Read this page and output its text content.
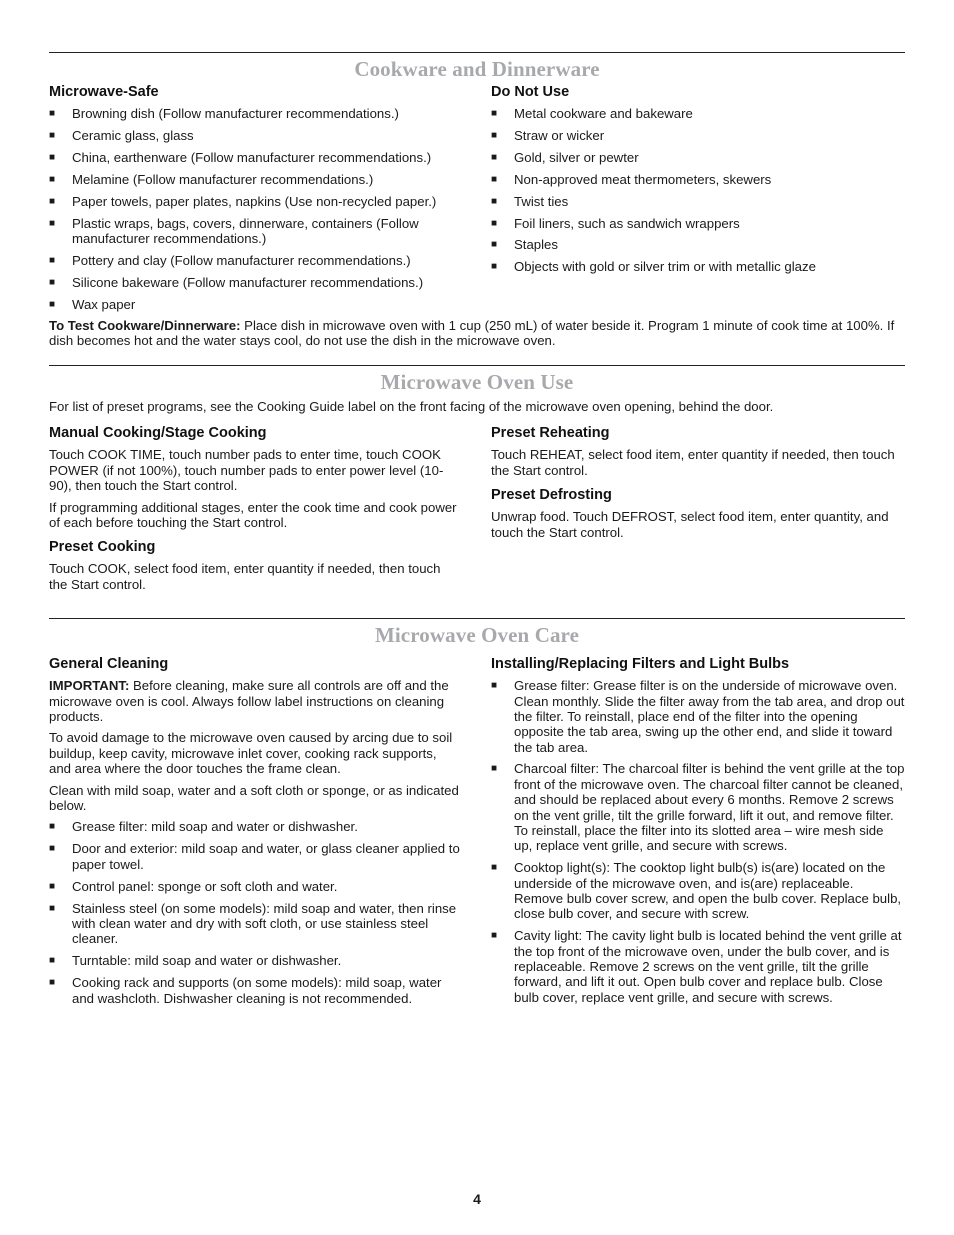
Cookware and Dinnerware
Microwave-Safe
■	Browning dish (Follow manufacturer recommendations.)
■	Ceramic glass, glass
■	China, earthenware (Follow manufacturer recommendations.)
■	Melamine (Follow manufacturer recommendations.)
■	Paper towels, paper plates, napkins (Use non-recycled paper.)
■	Plastic wraps, bags, covers, dinnerware, containers (Follow manufacturer recommendations.)
■	Pottery and clay (Follow manufacturer recommendations.)
■	Silicone bakeware (Follow manufacturer recommendations.)
■	Wax paper
Do Not Use
■	Metal cookware and bakeware
■	Straw or wicker
■	Gold, silver or pewter
■	Non-approved meat thermometers, skewers
■	Twist ties
■	Foil liners, such as sandwich wrappers
■	Staples
■	Objects with gold or silver trim or with metallic glaze

To Test Cookware/Dinnerware: Place dish in microwave oven with 1 cup (250 mL) of water beside it. Program 1 minute of cook time at 100%. If dish becomes hot and the water stays cool, do not use the dish in the microwave oven.

Microwave Oven Use

For list of preset programs, see the Cooking Guide label on the front facing of the microwave oven opening, behind the door.

Manual Cooking/Stage Cooking

Touch COOK TIME, touch number pads to enter time, touch COOK POWER (if not 100%), touch number pads to enter power level (10-90), then touch the Start control.

If programming additional stages, enter the cook time and cook power of each before touching the Start control.

Preset Cooking

Touch COOK, select food item, enter quantity if needed, then touch the Start control.

Preset Reheating

Touch REHEAT, select food item, enter quantity if needed, then touch the Start control.

Preset Defrosting

Unwrap food. Touch DEFROST, select food item, enter quantity, and touch the Start control.

Microwave Oven Care
General Cleaning

IMPORTANT: Before cleaning, make sure all controls are off and the microwave oven is cool. Always follow label instructions on cleaning products.

To avoid damage to the microwave oven caused by arcing due to soil buildup, keep cavity, microwave inlet cover, cooking rack supports, and area where the door touches the frame clean.

Clean with mild soap, water and a soft cloth or sponge, or as indicated below.

■	Grease filter: mild soap and water or dishwasher.
■	Door and exterior: mild soap and water, or glass cleaner applied to paper towel.
■	Control panel: sponge or soft cloth and water.
■	Stainless steel (on some models): mild soap and water, then rinse with clean water and dry with soft cloth, or use stainless steel cleaner.
■	Turntable: mild soap and water or dishwasher.
■	Cooking rack and supports (on some models): mild soap, water and washcloth. Dishwasher cleaning is not recommended.
Installing/Replacing Filters and Light Bulbs
■	Grease filter: Grease filter is on the underside of microwave oven. Clean monthly. Slide the filter away from the tab area, and drop out the filter. To reinstall, place end of the filter into the opening opposite the tab area, swing up the other end, and slide it toward the tab area.
■	Charcoal filter: The charcoal filter is behind the vent grille at the top front of the microwave oven. The charcoal filter cannot be cleaned, and should be replaced about every 6 months. Remove 2 screws on the vent grille, tilt the grille forward, lift it out, and remove filter. To reinstall, place the filter into its slotted area – wire mesh side up, replace vent grille, and secure with screws.
■	Cooktop light(s): The cooktop light bulb(s) is(are) located on the underside of the microwave oven, and is(are) replaceable. Remove bulb cover screw, and open the bulb cover. Replace bulb, close bulb cover, and secure with screw.
■	Cavity light: The cavity light bulb is located behind the vent grille at the top front of the microwave oven, under the bulb cover, and is replaceable. Remove 2 screws on the vent grille, tilt the grille forward, and lift it out. Open bulb cover and replace bulb. Close bulb cover, replace vent grille, and secure with screws.
4
